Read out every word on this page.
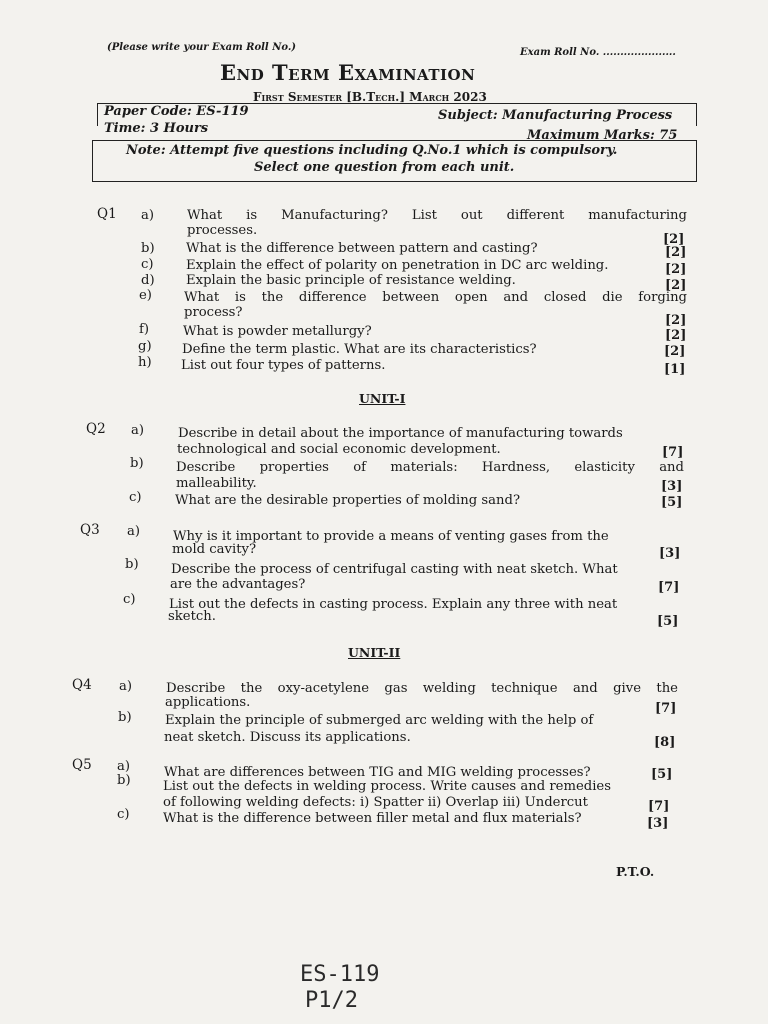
(Please write your Exam Roll No.)	Exam Roll No. .....................
End Term Examination
First Semester [B.Tech.] March 2023
Paper Code: ES-119	Subject: Manufacturing Process
Time: 3 Hours	Maximum Marks: 75
Note: Attempt five questions including Q.No.1 which is compulsory.
Select one question from each unit.
Q1 a) What is Manufacturing? List out different manufacturing
processes.
[2]
b) What is the difference between pattern and casting?	[2]
c) Explain the effect of polarity on penetration in DC arc welding.	[2]
d) Explain the basic principle of resistance welding.	[2]
e) What is the difference between open and closed die forging
process?
[2]
f)	What is powder metallurgy?	[2]
g) Define the term plastic. What are its characteristics?	[2]
h) List out four types of patterns.	[1]
UNIT-I
Q2 a)	Describe in detail about the importance of manufacturing towards
technological and social economic development.	[7]
b) Describe properties of materials: Hardness, elasticity and
malleability.	[3]
c)	What are the desirable properties of molding sand?	[5]
Q3 a) Why is it important to provide a means of venting gases from the
mold cavity?	[3]
b) Describe the process of centrifugal casting with neat sketch. What
are the advantages?	[7]
c)	List out the defects in casting process. Explain any three with neat
sketch.	[5]
UNIT-II
Q4 a)	Describe the oxy-acetylene gas welding technique and give the
applications.	[7]
b)	Explain the principle of submerged arc welding with the help of
neat sketch. Discuss its applications.	[8]
Q5 a)	What are differences between TIG and MIG welding processes?	[5]
b) List out the defects in welding process. Write causes and remedies
of following welding defects: i) Spatter ii) Overlap iii) Undercut	[7]
c)	What is the difference between filler metal and flux materials?	[3]
P.T.O.
ES-119
P1/2
